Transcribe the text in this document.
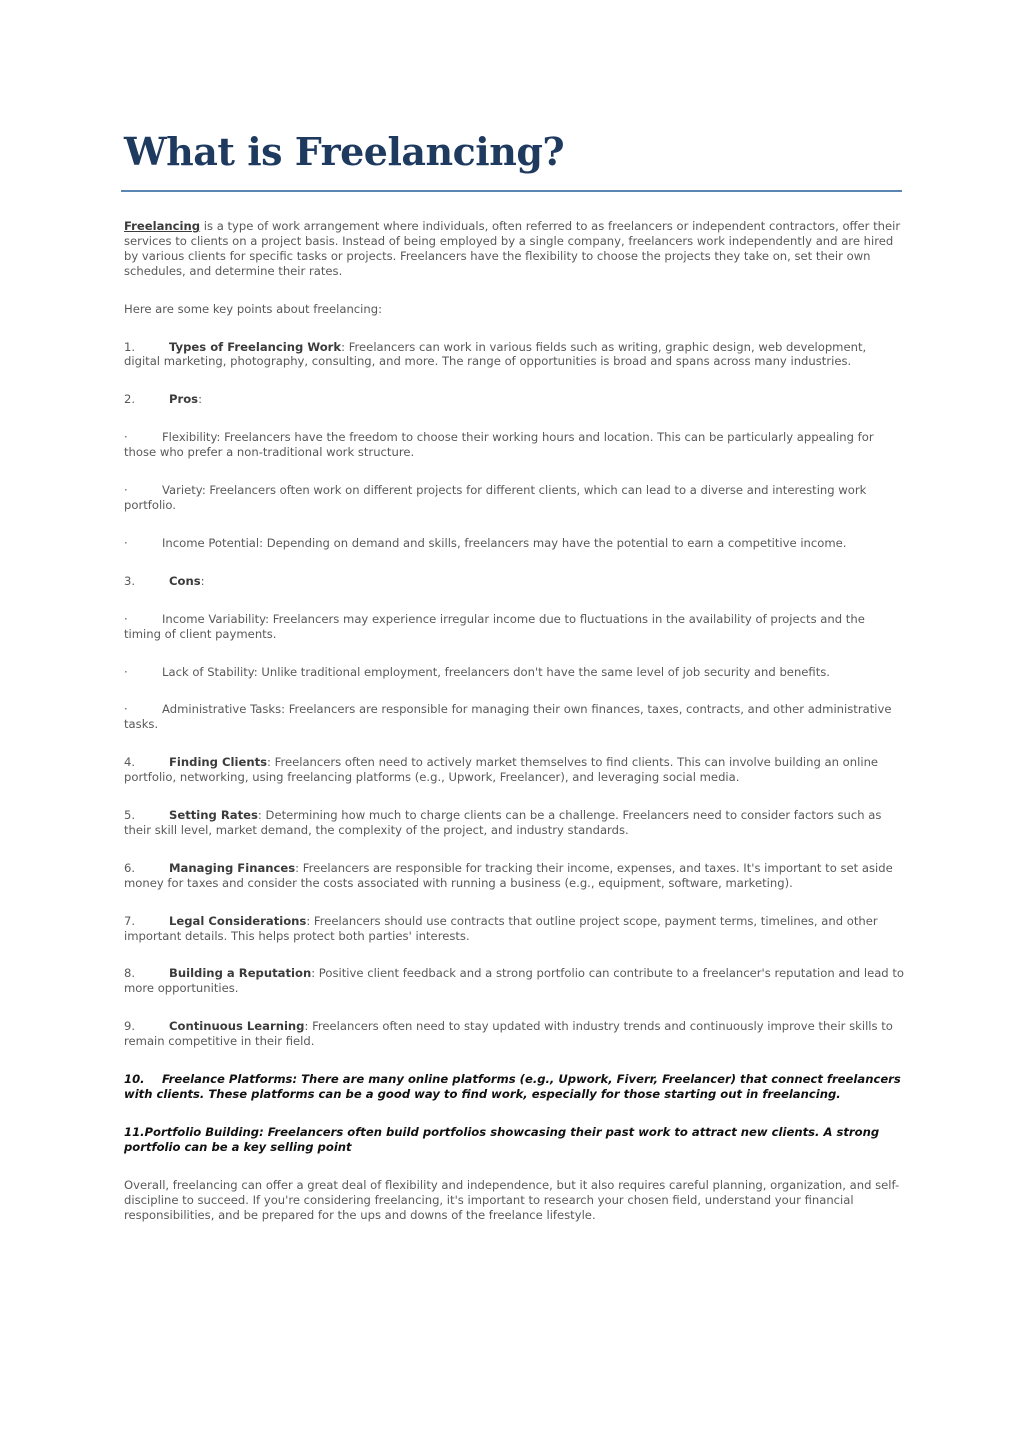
What is Freelancing?

Freelancing is a type of work arrangement where individuals, often referred to as freelancers or independent contractors, offer their services to clients on a project basis. Instead of being employed by a single company, freelancers work independently and are hired by various clients for specific tasks or projects. Freelancers have the flexibility to choose the projects they take on, set their own schedules, and determine their rates.

Here are some key points about freelancing:

1.	Types of Freelancing Work: Freelancers can work in various fields such as writing, graphic design, web development, digital marketing, photography, consulting, and more. The range of opportunities is broad and spans across many industries.

2.	Pros:

·	Flexibility: Freelancers have the freedom to choose their working hours and location. This can be particularly appealing for those who prefer a non-traditional work structure.

·	Variety: Freelancers often work on different projects for different clients, which can lead to a diverse and interesting work portfolio.

·	Income Potential: Depending on demand and skills, freelancers may have the potential to earn a competitive income.

3.	Cons:

·	Income Variability: Freelancers may experience irregular income due to fluctuations in the availability of projects and the timing of client payments.

·	Lack of Stability: Unlike traditional employment, freelancers don't have the same level of job security and benefits.

·	Administrative Tasks: Freelancers are responsible for managing their own finances, taxes, contracts, and other administrative tasks.

4.	Finding Clients: Freelancers often need to actively market themselves to find clients. This can involve building an online portfolio, networking, using freelancing platforms (e.g., Upwork, Freelancer), and leveraging social media.

5.	Setting Rates: Determining how much to charge clients can be a challenge. Freelancers need to consider factors such as their skill level, market demand, the complexity of the project, and industry standards.

6.	Managing Finances: Freelancers are responsible for tracking their income, expenses, and taxes. It's important to set aside money for taxes and consider the costs associated with running a business (e.g., equipment, software, marketing).

7.	Legal Considerations: Freelancers should use contracts that outline project scope, payment terms, timelines, and other important details. This helps protect both parties' interests.

8.	Building a Reputation: Positive client feedback and a strong portfolio can contribute to a freelancer's reputation and lead to more opportunities.

9.	Continuous Learning: Freelancers often need to stay updated with industry trends and continuously improve their skills to remain competitive in their field.

10. Freelance Platforms: There are many online platforms (e.g., Upwork, Fiverr, Freelancer) that connect freelancers with clients. These platforms can be a good way to find work, especially for those starting out in freelancing.

11.Portfolio Building: Freelancers often build portfolios showcasing their past work to attract new clients. A strong portfolio can be a key selling point

Overall, freelancing can offer a great deal of flexibility and independence, but it also requires careful planning, organization, and self-discipline to succeed. If you're considering freelancing, it's important to research your chosen field, understand your financial responsibilities, and be prepared for the ups and downs of the freelance lifestyle.
